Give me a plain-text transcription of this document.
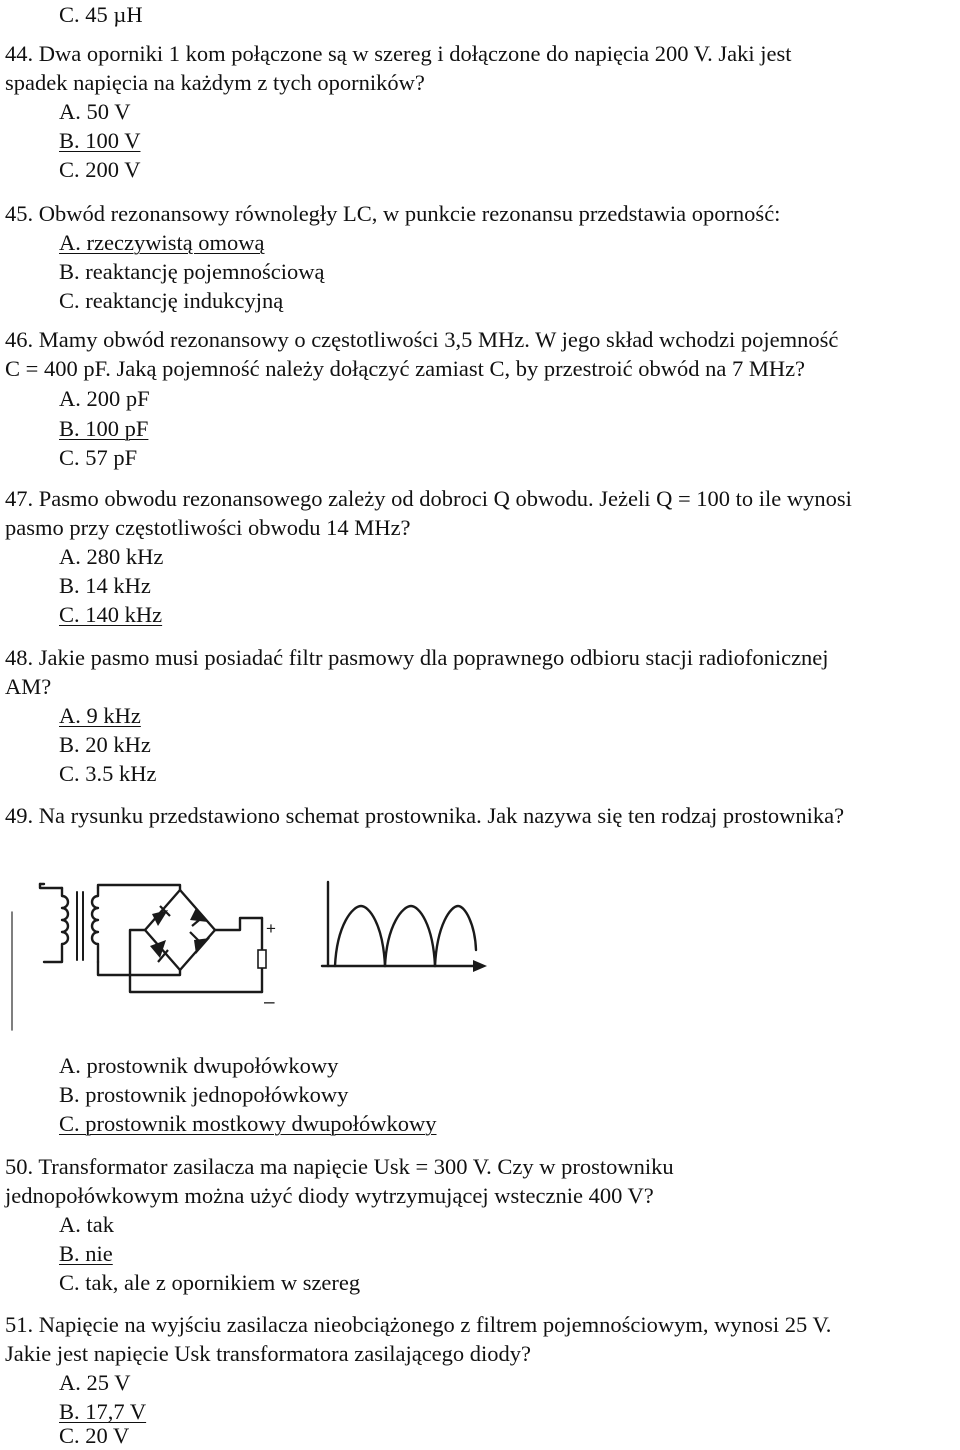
C. 45 µH
44. Dwa oporniki 1 kom połączone są w szereg i dołączone do napięcia 200 V. Jaki jest
spadek napięcia na każdym z tych oporników?
A. 50 V
B. 100 V
C. 200 V
45. Obwód rezonansowy równoległy LC, w punkcie rezonansu przedstawia oporność:
A. rzeczywistą omową
B. reaktancję pojemnościową
C. reaktancję indukcyjną
46. Mamy obwód rezonansowy o częstotliwości 3,5 MHz. W jego skład wchodzi pojemność
C = 400 pF. Jaką pojemność należy dołączyć zamiast C, by przestroić obwód na 7 MHz?
A. 200 pF
B. 100 pF
C. 57 pF
47. Pasmo obwodu rezonansowego zależy od dobroci Q obwodu. Jeżeli Q = 100 to ile wynosi
pasmo przy częstotliwości obwodu 14 MHz?
A. 280 kHz
B. 14 kHz
C. 140 kHz
48. Jakie pasmo musi posiadać filtr pasmowy dla poprawnego odbioru stacji radiofonicznej
AM?
A. 9 kHz
B. 20 kHz
C. 3.5 kHz
49. Na rysunku przedstawiono schemat prostownika. Jak nazywa się ten rodzaj prostownika?
+
–
A. prostownik dwupołówkowy
B. prostownik jednopołówkowy
C. prostownik mostkowy dwupołówkowy
50. Transformator zasilacza ma napięcie Usk = 300 V. Czy w prostowniku
jednopołówkowym można użyć diody wytrzymującej wstecznie 400 V?
A. tak
B. nie
C. tak, ale z opornikiem w szereg
51. Napięcie na wyjściu zasilacza nieobciążonego z filtrem pojemnościowym, wynosi 25 V.
Jakie jest napięcie Usk transformatora zasilającego diody?
A. 25 V
B. 17,7 V
C. 20 V
